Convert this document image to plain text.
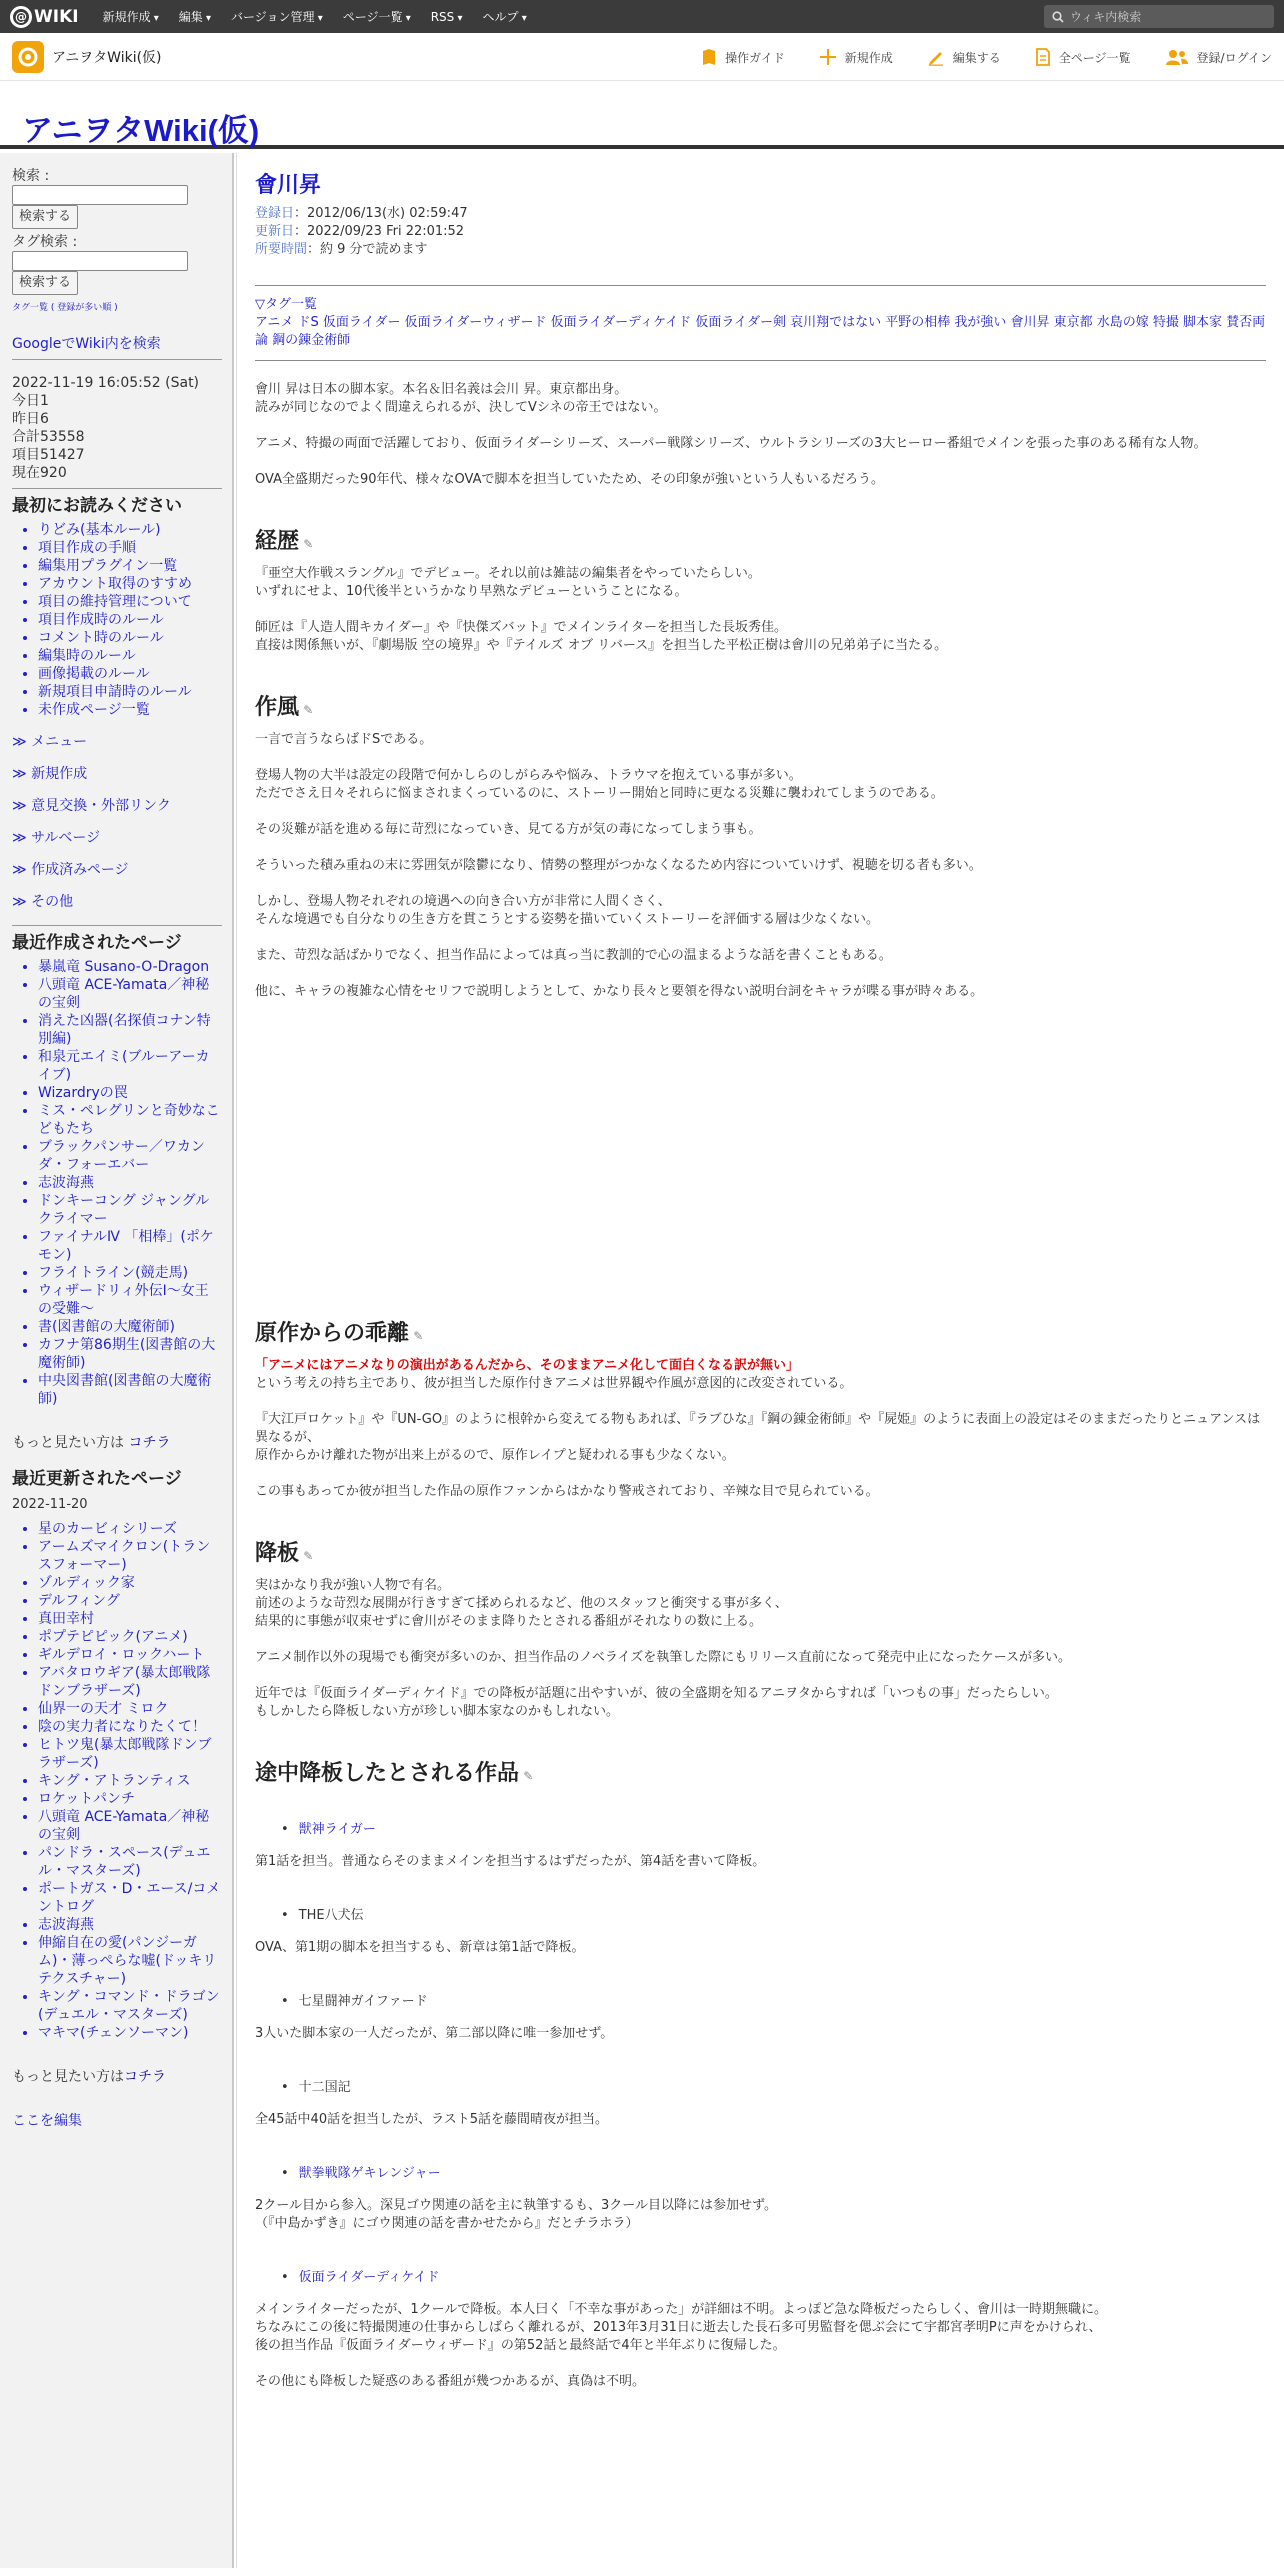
@ WIKI 新規作成 ▾	編集 ▾	バージョン管理 ▾	ページ一覧 ▾	RSS ▾	ヘルプ ▾	ウィキ内検索
アニヲタWiki(仮)	操作ガイド	新規作成	編集する	全ページ一覧	登録/ログイン
アニヲタWiki(仮)
検索 :
検索する
タグ検索 :
検索する
タグ一覧 ( 登録が多い順 )
GoogleでWiki内を検索
2022-11-19 16:05:52 (Sat)
今日1
昨日6
合計53558
項目51427
現在920
最初にお読みください
• りどみ(基本ルール)
• 項目作成の手順
• 編集用プラグイン一覧
• アカウント取得のすすめ
• 項目の維持管理について
• 項目作成時のルール
• コメント時のルール
• 編集時のルール
• 画像掲載のルール
• 新規項目申請時のルール
• 未作成ページ一覧
≫ メニュー
≫ 新規作成
≫ 意見交換・外部リンク
≫ サルベージ
≫ 作成済みページ
≫ その他
最近作成されたページ
• 暴嵐竜 Susano-O-Dragon
• 八頭竜 ACE-Yamata／神秘の宝剣
• 消えた凶器(名探偵コナン特別編)
• 和泉元エイミ(ブルーアーカイブ)
• Wizardryの罠
• ミス・ペレグリンと奇妙なこどもたち
• ブラックパンサー／ワカンダ・フォーエバー
• 志波海燕
• ドンキーコング ジャングルクライマー
• ファイナルⅣ 「相棒」(ポケモン)
• フライトライン(競走馬)
• ウィザードリィ外伝Ⅰ～女王の受難～
• 書(図書館の大魔術師)
• カフナ第86期生(図書館の大魔術師)
• 中央図書館(図書館の大魔術師)
もっと見たい方は コチラ
最近更新されたページ
2022-11-20
• 星のカービィシリーズ
• アームズマイクロン(トランスフォーマー)
• ゾルディック家
• デルフィング
• 真田幸村
• ポプテピピック(アニメ)
• ギルデロイ・ロックハート
• アバタロウギア(暴太郎戦隊ドンブラザーズ)
• 仙界一の天才 ミロク
• 陰の実力者になりたくて！
• ヒトツ鬼(暴太郎戦隊ドンブラザーズ)
• キング・アトランティス
• ロケットパンチ
• 八頭竜 ACE-Yamata／神秘の宝剣
• パンドラ・スペース(デュエル・マスターズ)
• ポートガス・D・エース/コメントログ
• 志波海燕
• 伸縮自在の愛(パンジーガム)・薄っぺらな嘘(ドッキリテクスチャー)
• キング・コマンド・ドラゴン(デュエル・マスターズ)
• マキマ(チェンソーマン)
もっと見たい方はコチラ
ここを編集
會川昇
登録日：2012/06/13(水) 02:59:47
更新日：2022/09/23 Fri 22:01:52
所要時間：約 9 分で読めます
▽タグ一覧
アニメ ドS 仮面ライダー 仮面ライダーウィザード 仮面ライダーディケイド 仮面ライダー剣 哀川翔ではない 平野の相棒 我が強い 會川昇 東京都 水島の嫁 特撮 脚本家 賛否両論 鋼の錬金術師

會川 昇は日本の脚本家。本名＆旧名義は会川 昇。東京都出身。

読みが同じなのでよく間違えられるが、決してVシネの帝王ではない。

アニメ、特撮の両面で活躍しており、仮面ライダーシリーズ、スーパー戦隊シリーズ、ウルトラシリーズの3大ヒーロー番組でメインを張った事のある稀有な人物。

OVA全盛期だった90年代、様々なOVAで脚本を担当していたため、その印象が強いという人もいるだろう。

経歴 ✎

『亜空大作戦スラングル』でデビュー。それ以前は雑誌の編集者をやっていたらしい。

いずれにせよ、10代後半というかなり早熟なデビューということになる。

師匠は『人造人間キカイダー』や『快傑ズバット』でメインライターを担当した長坂秀佳。

直接は関係無いが、『劇場版 空の境界』や『テイルズ オブ リバース』を担当した平松正樹は會川の兄弟弟子に当たる。

作風 ✎

一言で言うならばドSである。

登場人物の大半は設定の段階で何かしらのしがらみや悩み、トラウマを抱えている事が多い。

ただでさえ日々それらに悩まされまくっているのに、ストーリー開始と同時に更なる災難に襲われてしまうのである。

その災難が話を進める毎に苛烈になっていき、見てる方が気の毒になってしまう事も。

そういった積み重ねの末に雰囲気が陰鬱になり、情勢の整理がつかなくなるため内容についていけず、視聴を切る者も多い。

しかし、登場人物それぞれの境遇への向き合い方が非常に人間くさく、

そんな境遇でも自分なりの生き方を貫こうとする姿勢を描いていくストーリーを評価する層は少なくない。

また、苛烈な話ばかりでなく、担当作品によっては真っ当に教訓的で心の温まるような話を書くこともある。

他に、キャラの複雑な心情をセリフで説明しようとして、かなり長々と要領を得ない説明台詞をキャラが喋る事が時々ある。

原作からの乖離 ✎
「アニメにはアニメなりの演出があるんだから、そのままアニメ化して面白くなる訳が無い」

という考えの持ち主であり、彼が担当した原作付きアニメは世界観や作風が意図的に改変されている。

『大江戸ロケット』や『UN-GO』のように根幹から変えてる物もあれば、『ラブひな』『鋼の錬金術師』や『屍姫』のように表面上の設定はそのままだったりとニュアンスは異なるが、

原作からかけ離れた物が出来上がるので、原作レイプと疑われる事も少なくない。

この事もあってか彼が担当した作品の原作ファンからはかなり警戒されており、辛辣な目で見られている。

降板 ✎

実はかなり我が強い人物で有名。

前述のような苛烈な展開が行きすぎて揉められるなど、他のスタッフと衝突する事が多く、

結果的に事態が収束せずに會川がそのまま降りたとされる番組がそれなりの数に上る。

アニメ制作以外の現場でも衝突が多いのか、担当作品のノベライズを執筆した際にもリリース直前になって発売中止になったケースが多い。

近年では『仮面ライダーディケイド』での降板が話題に出やすいが、彼の全盛期を知るアニヲタからすれば「いつもの事」だったらしい。

もしかしたら降板しない方が珍しい脚本家なのかもしれない。

途中降板したとされる作品 ✎
• 獣神ライガー

第1話を担当。普通ならそのままメインを担当するはずだったが、第4話を書いて降板。

• THE八犬伝

OVA、第1期の脚本を担当するも、新章は第1話で降板。

• 七星闘神ガイファード

3人いた脚本家の一人だったが、第二部以降に唯一参加せず。

• 十二国記

全45話中40話を担当したが、ラスト5話を藤間晴夜が担当。

• 獣拳戦隊ゲキレンジャー

2クール目から参入。深見ゴウ関連の話を主に執筆するも、3クール目以降には参加せず。

（『中島かずき』にゴウ関連の話を書かせたから』だとチラホラ）

• 仮面ライダーディケイド

メインライターだったが、1クールで降板。本人曰く「不幸な事があった」が詳細は不明。よっぽど急な降板だったらしく、會川は一時期無職に。

ちなみにこの後に特撮関連の仕事からしばらく離れるが、2013年3月31日に逝去した長石多可男監督を偲ぶ会にて宇都宮孝明Pに声をかけられ、

後の担当作品『仮面ライダーウィザード』の第52話と最終話で4年と半年ぶりに復帰した。

その他にも降板した疑惑のある番組が幾つかあるが、真偽は不明。
